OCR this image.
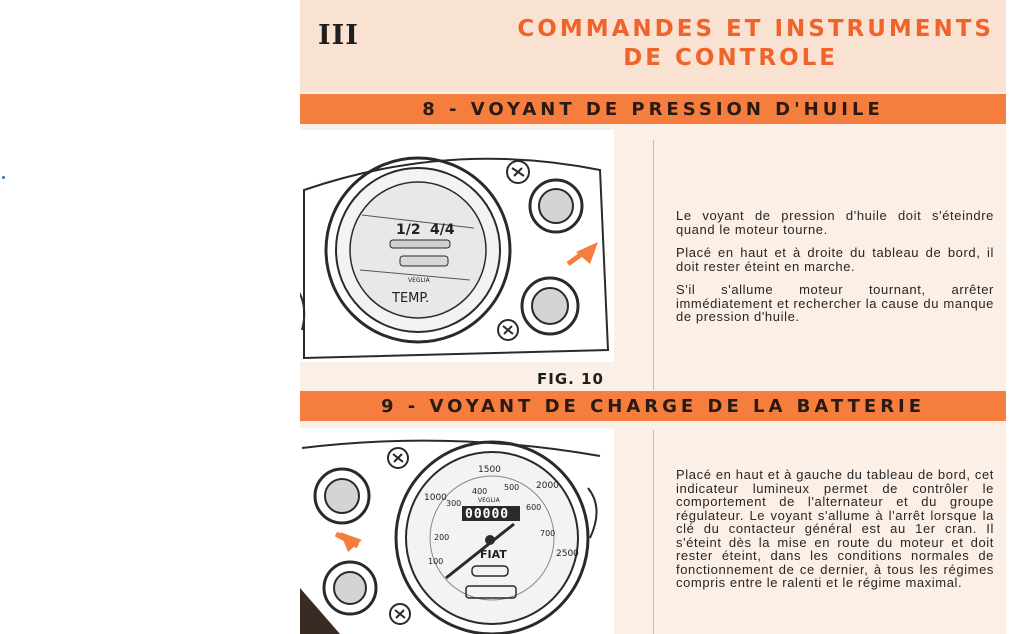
III	COMMANDES ET INSTRUMENTS
DE CONTROLE
8 - VOYANT DE PRESSION D'HUILE
1/2 4/4
VEGLIA
TEMP.
FIG. 10

Le voyant de pression d'huile doit s'éteindre quand le moteur tourne.

Placé en haut et à droite du tableau de bord, il doit rester éteint en marche.

S'il s'allume moteur tournant, arrêter immédiatement et rechercher la cause du manque de pression d'huile.

9 - VOYANT DE CHARGE DE LA BATTERIE
1000
1500
2000
2500
300
400 500
600
700
100
200
VEGLIA
00000
FIAT

Placé en haut et à gauche du tableau de bord, cet indicateur lumineux permet de contrôler le comportement de l'alternateur et du groupe régulateur. Le voyant s'allume à l'arrêt lorsque la clé du contacteur général est au 1er cran. Il s'éteint dès la mise en route du moteur et doit rester éteint, dans les conditions normales de fonctionnement de ce dernier, à tous les régimes compris entre le ralenti et le régime maximal.
